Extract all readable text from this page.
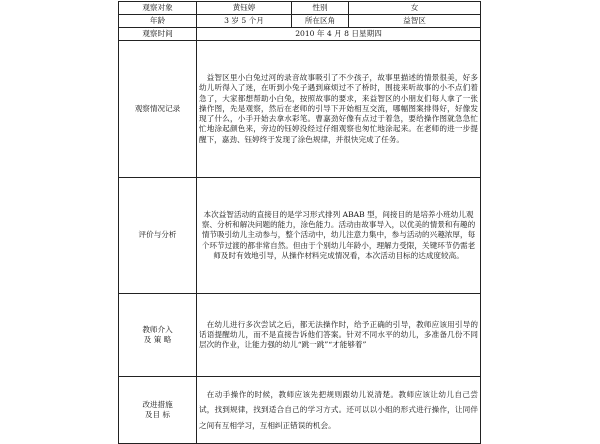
观察对象	黄钰婷	性别	女
年龄	3 岁 5 个月	所在区角	益智区
观察时间	2010 年 4 月 8 日星期四		
观察情况记录	益智区里小白兔过河的录音故事吸引了不少孩子，故事里描述的情景很美，好多幼儿听得入了迷，在听到小兔子遇到麻烦过不了桥时，围拢来听故事的小不点们着急了，大家都想帮助小白兔，按照故事的要求，来益智区的小朋友们每人拿了一张操作图，先是观察，然后在老师的引导下开始相互交流，哪幅图案排得好，好像发现了什么，小手开始去拿水彩笔。曹嘉劲好像有点过于着急，要给操作图就急急忙忙地涂起颜色来，旁边的钰婷没经过仔细观察也匆忙地涂起来。在老师的进一步提醒下，嘉劲、钰婷终于发现了涂色规律，并很快完成了任务。		
评价与分析	本次益智活动的直接目的是学习形式排列 ABAB 型，间接目的是培养小班幼儿观察、分析和解决问题的能力，涂色能力。活动由故事导入，以优美的情景和有趣的情节吸引幼儿主动参与，整个活动中，幼儿注意力集中，参与活动的兴趣浓厚，每个环节过渡的都非常自然。但由于个别幼儿年龄小，理解力受限，关键环节仍需老师及时有效地引导，从操作材料完成情况看，本次活动目标的达成度较高。		

教师介入
及 策 略	在幼儿进行多次尝试之后，都无法操作时，给予正确的引导，教师应该用引导的话语提醒幼儿，而不是直接告诉他们答案。针对不同水平的幼儿，多准备几份不同层次的作业，让能力强的幼儿“跳一跳”“才能够着”		

改进措施
及目 标	在动手操作的时候，教师应该先把规则跟幼儿说清楚。教师应该让幼儿自己尝试，找到规律，找到适合自己的学习方式。还可以以小组的形式进行操作，让同伴之间有互相学习，互相纠正错误的机会。		
